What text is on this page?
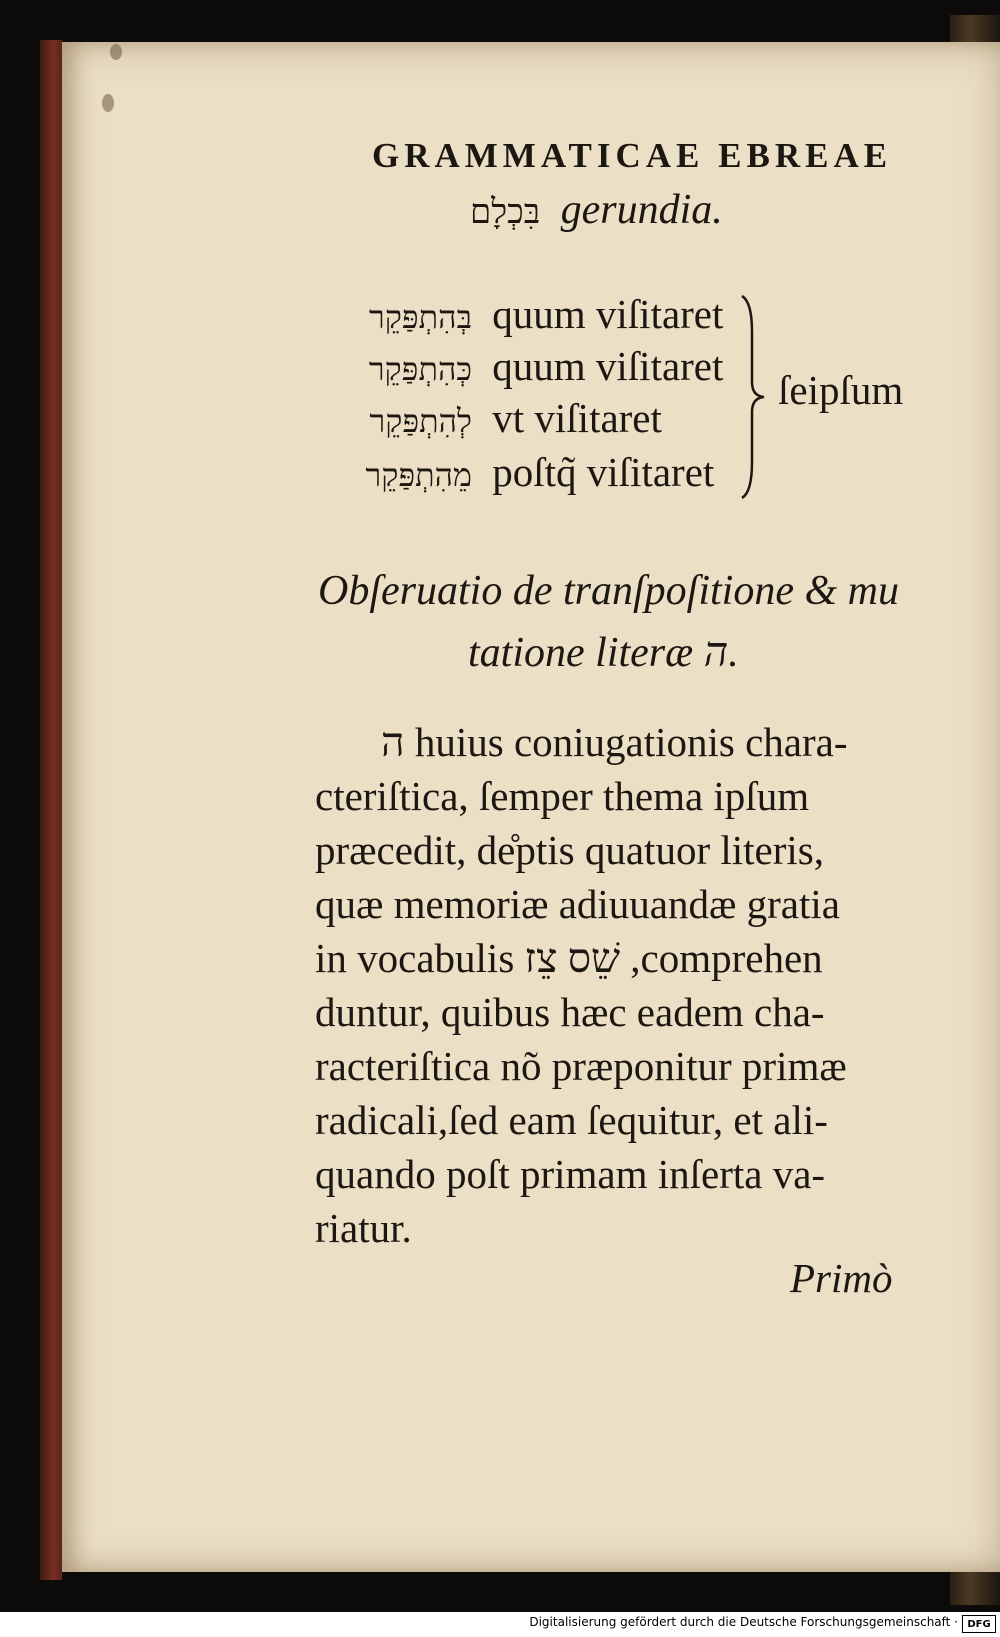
GRAMMATICAE EBREAE
בִּכְלָם gerundia.
בְּהִתְפַּקֵר quum viſitaret
כְּהִתְפַּקֵר quum viſitaret
לְהִתְפַּקֵר vt viſitaret
מֵהִתְפַּקֵר poſtq̃ viſitaret
ſeipſum
Obſeruatio de tranſpoſitione & mu
tatione literæ ה.
ה huius coniugationis chara-
cteriſtica, ſemper thema ipſum
præcedit, de̊ptis quatuor literis,
quæ memoriæ adiuuandæ gratia
in vocabulis שֵׁס צֵז ,comprehen
duntur, quibus hæc eadem cha-
racteriſtica nõ præponitur primæ
radicali,ſed eam ſequitur, et ali-
quando poſt primam inſerta va-
riatur.
Primò
Digitalisierung gefördert durch die Deutsche Forschungsgemeinschaft · DFG
